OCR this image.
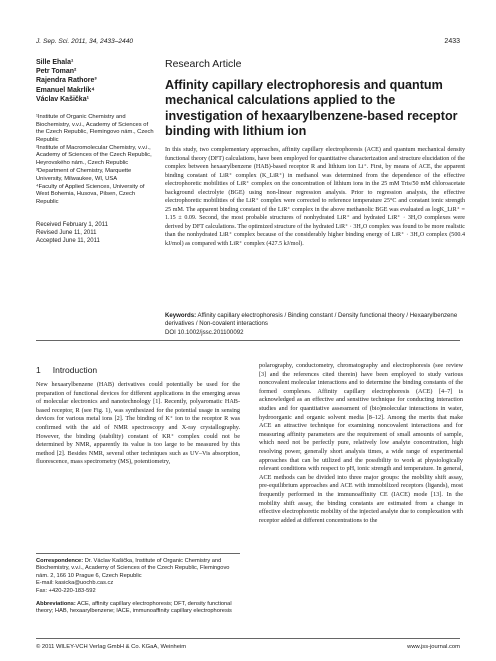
J. Sep. Sci. 2011, 34, 2433–2440	2433
Sille Ehala¹
Petr Toman²
Rajendra Rathore³
Emanuel Makrlík⁴
Václav Kašička¹
¹Institute of Organic Chemistry and Biochemistry, v.v.i., Academy of Sciences of the Czech Republic, Flemingovo nám., Czech Republic
²Institute of Macromolecular Chemistry, v.v.i., Academy of Sciences of the Czech Republic, Heyrovského nám., Czech Republic
³Department of Chemistry, Marquette University, Milwaukee, WI, USA
⁴Faculty of Applied Sciences, University of West Bohemia, Husova, Pilsen, Czech Republic
Received February 1, 2011
Revised June 11, 2011
Accepted June 11, 2011
Research Article
Affinity capillary electrophoresis and quantum mechanical calculations applied to the investigation of hexaarylbenzene-based receptor binding with lithium ion
In this study, two complementary approaches, affinity capillary electrophoresis (ACE) and quantum mechanical density functional theory (DFT) calculations, have been employed for quantitative characterization and structure elucidation of the complex between hexaarylbenzene (HAB)-based receptor R and lithium ion Li⁺. First, by means of ACE, the apparent binding constant of LiR⁺ complex (K_LiR⁺) in methanol was determined from the dependence of the effective electrophoretic mobilities of LiR⁺ complex on the concentration of lithium ions in the 25 mM Tris/50 mM chloroacetate background electrolyte (BGE) using non-linear regression analysis. Prior to regression analysis, the effective electrophoretic mobilities of the LiR⁺ complex were corrected to reference temperature 25°C and constant ionic strength 25 mM. The apparent binding constant of the LiR⁺ complex in the above methanolic BGE was evaluated as logK_LiR⁺ = 1.15 ± 0.09. Second, the most probable structures of nonhydrated LiR⁺ and hydrated LiR⁺ · 3H₂O complexes were derived by DFT calculations. The optimized structure of the hydrated LiR⁺ · 3H₂O complex was found to be more realistic than the nonhydrated LiR⁺ complex because of the considerably higher binding energy of LiR⁺ · 3H₂O complex (500.4 kJ/mol) as compared with LiR⁺ complex (427.5 kJ/mol).
Keywords: Affinity capillary electrophoresis / Binding constant / Density functional theory / Hexaarylbenzene derivatives / Non-covalent interactions
DOI 10.1002/jssc.201100092
1 Introduction
New hexaarylbenzene (HAB) derivatives could potentially be used for the preparation of functional devices for different applications in the emerging areas of molecular electronics and nanotechnology [1]. Recently, polyaromatic HAB-based receptor, R (see Fig. 1), was synthesized for the potential usage in sensing devices for various metal ions [2]. The binding of K⁺ ion to the receptor R was confirmed with the aid of NMR spectroscopy and X-ray crystallography. However, the binding (stability) constant of KR⁺ complex could not be determined by NMR, apparently its value is too large to be measured by this method [2]. Besides NMR, several other techniques such as UV–Vis absorption, fluorescence, mass spectrometry (MS), potentiometry,
polarography, conductometry, chromatography and electrophoresis (see review [3] and the references cited therein) have been employed to study various noncovalent molecular interactions and to determine the binding constants of the formed complexes. Affinity capillary electrophoresis (ACE) [4–7] is acknowledged as an effective and sensitive technique for conducting interaction studies and for quantitative assessment of (bio)molecular interactions in water, hydroorganic and organic solvent media [8–12]. Among the merits that make ACE an attractive technique for examining noncovalent interactions and for measuring affinity parameters are the requirement of small amounts of sample, which need not be perfectly pure, relatively low analyte concentration, high resolving power, generally short analysis times, a wide range of experimental approaches that can be utilized and the possibility to work at physiologically relevant conditions with respect to pH, ionic strength and temperature. In general, ACE methods can be divided into three major groups: the mobility shift assay, pre-equilibrium approaches and ACE with immobilized receptors (ligands), most frequently performed in the immunoaffinity CE (IACE) mode [13]. In the mobility shift assay, the binding constants are estimated from a change in effective electrophoretic mobility of the injected analyte due to complexation with receptor added at different concentrations to the
Correspondence: Dr. Václav Kašička, Institute of Organic Chemistry and Biochemistry, v.v.i., Academy of Sciences of the Czech Republic, Flemingovo nám. 2, 166 10 Prague 6, Czech Republic
E-mail: kasicka@uochb.cas.cz
Fax: +420-220-183-592
Abbreviations: ACE, affinity capillary electrophoresis; DFT, density functional theory; HAB, hexaarylbenzene; IACE, immunoaffinity capillary electrophoresis
© 2011 WILEY-VCH Verlag GmbH & Co. KGaA, Weinheim	www.jss-journal.com
